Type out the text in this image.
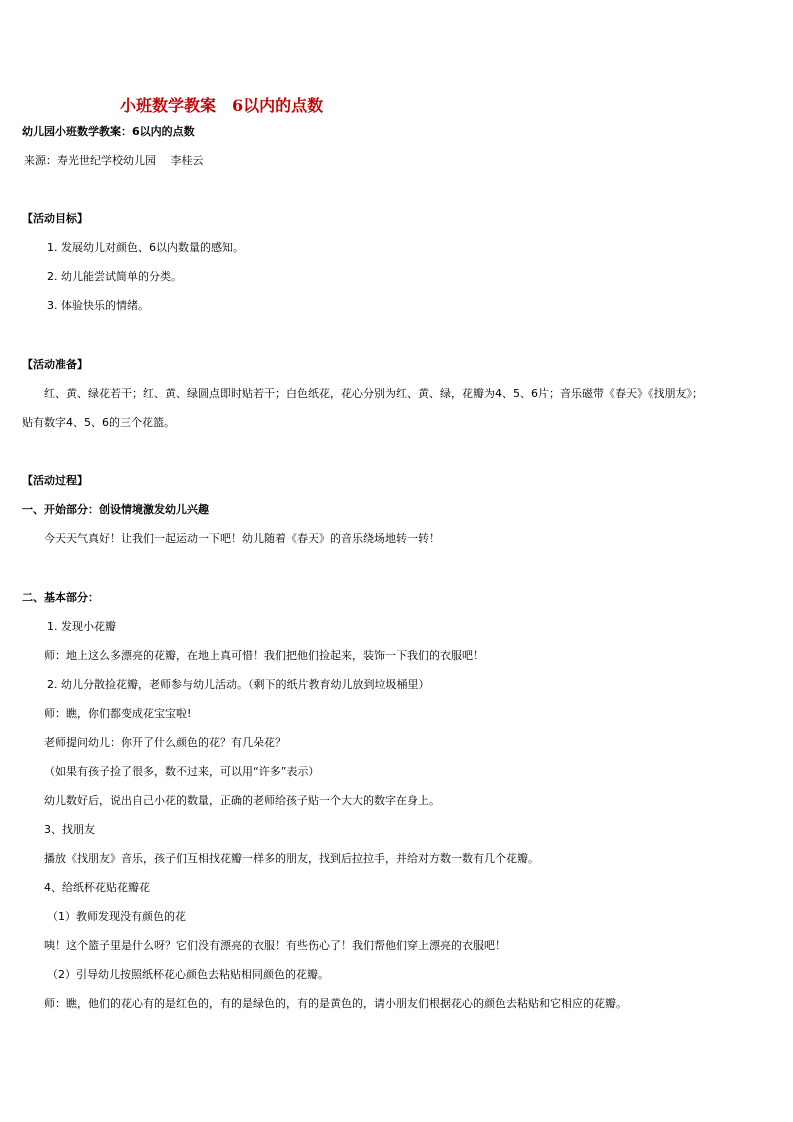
小班数学教案　6以内的点数
幼儿园小班数学教案：6以内的点数
来源：寿光世纪学校幼儿园　 李桂云
【活动目标】
1. 发展幼儿对颜色、6以内数量的感知。
2. 幼儿能尝试简单的分类。
3. 体验快乐的情绪。
【活动准备】
红、黄、绿花若干；红、黄、绿圆点即时贴若干；白色纸花，花心分别为红、黄、绿，花瓣为4、5、6片；音乐磁带《春天》《找朋友》；
贴有数字4、5、6的三个花篮。
【活动过程】
一、开始部分：创设情境激发幼儿兴趣
今天天气真好！让我们一起运动一下吧！幼儿随着《春天》的音乐绕场地转一转！
二、基本部分：
1. 发现小花瓣
师：地上这么多漂亮的花瓣，在地上真可惜！我们把他们捡起来，装饰一下我们的衣服吧！
2. 幼儿分散捡花瓣，老师参与幼儿活动。（剩下的纸片教育幼儿放到垃圾桶里）
师：瞧，你们都变成花宝宝啦!
老师提问幼儿：你开了什么颜色的花？有几朵花？
（如果有孩子捡了很多，数不过来，可以用“许多”表示）
幼儿数好后，说出自己小花的数量，正确的老师给孩子贴一个大大的数字在身上。
3、找朋友
播放《找朋友》音乐，孩子们互相找花瓣一样多的朋友，找到后拉拉手，并给对方数一数有几个花瓣。
4、给纸杯花贴花瓣花
（1）教师发现没有颜色的花
咦！这个篮子里是什么呀？它们没有漂亮的衣服！有些伤心了！我们帮他们穿上漂亮的衣服吧！
（2）引导幼儿按照纸杯花心颜色去粘贴相同颜色的花瓣。
师：瞧，他们的花心有的是红色的，有的是绿色的，有的是黄色的，请小朋友们根据花心的颜色去粘贴和它相应的花瓣。
